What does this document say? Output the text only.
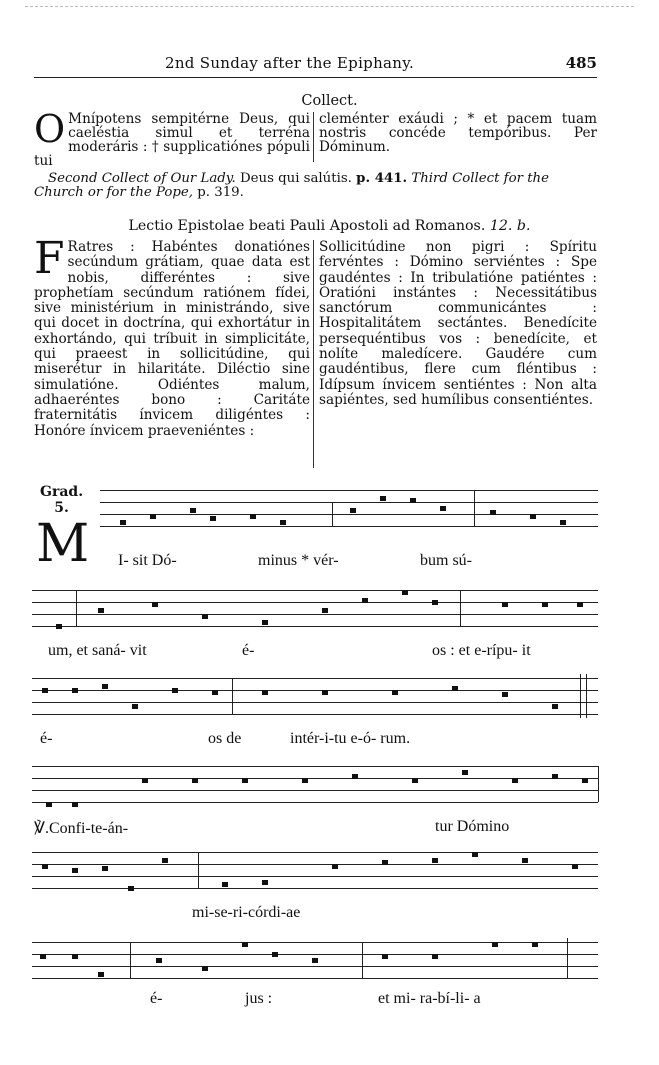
2nd Sunday after the Epiphany.	485
Collect.
O Mnípotens sempitérne Deus, qui caeléstia simul et terréna moderáris : † supplicatiónes pópuli tui
cleménter exáudi ; * et pacem tuam nostris concéde tempóribus. Per Dóminum.
Second Collect of Our Lady. Deus qui salútis. p. 441. Third Collect for the Church or for the Pope, p. 319.
Lectio Epistolae beati Pauli Apostoli ad Romanos. 12. b.
F Ratres : Habéntes donatiónes secúndum grátiam, quae data est nobis, differéntes : sive prophetíam secúndum ratiónem fídei, sive ministérium in ministrándo, sive qui docet in doctrína, qui exhortátur in exhortándo, qui tríbuit in simplicitáte, qui praeest in sollicitúdine, qui miserétur in hilaritáte. Diléctio sine simulatióne. Odiéntes malum, adhaeréntes bono : Caritáte fraternitátis ínvicem diligéntes : Honóre ínvicem praeveniéntes :
Sollicitúdine non pigri : Spíritu fervéntes : Dómino serviéntes : Spe gaudéntes : In tribulatióne patiéntes : Oratióni instántes : Necessitátibus sanctórum communicántes : Hospitalitátem sectántes. Benedícite persequéntibus vos : benedícite, et nolíte maledícere. Gaudére cum gaudéntibus, flere cum fléntibus : Idípsum ínvicem sentiéntes : Non alta sapiéntes, sed humílibus consentiéntes.
Grad.
5.
M I- sit Dó-	minus * vér-	bum sú-
um, et saná- vit	é-	os : et e-rípu- it
é-	os de	intér-i-tu e-ó- rum.
℣.Confi-te-án-	tur Dómino
mi-se-ri-córdi-ae
é-	jus :	et mi- ra-bí-li- a
